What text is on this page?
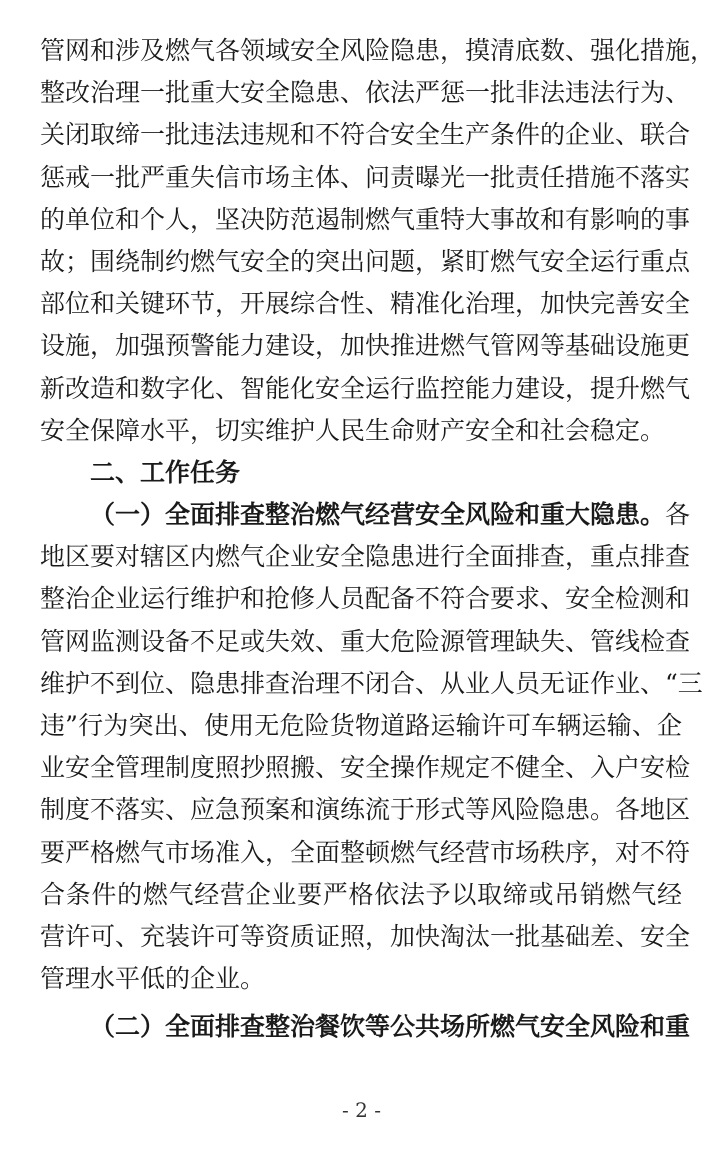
管网和涉及燃气各领域安全风险隐患，摸清底数、强化措施，
整改治理一批重大安全隐患、依法严惩一批非法违法行为、
关闭取缔一批违法违规和不符合安全生产条件的企业、联合
惩戒一批严重失信市场主体、问责曝光一批责任措施不落实
的单位和个人，坚决防范遏制燃气重特大事故和有影响的事
故；围绕制约燃气安全的突出问题，紧盯燃气安全运行重点
部位和关键环节，开展综合性、精准化治理，加快完善安全
设施，加强预警能力建设，加快推进燃气管网等基础设施更
新改造和数字化、智能化安全运行监控能力建设，提升燃气
安全保障水平，切实维护人民生命财产安全和社会稳定。
二、工作任务
（一）全面排查整治燃气经营安全风险和重大隐患。各
地区要对辖区内燃气企业安全隐患进行全面排查，重点排查
整治企业运行维护和抢修人员配备不符合要求、安全检测和
管网监测设备不足或失效、重大危险源管理缺失、管线检查
维护不到位、隐患排查治理不闭合、从业人员无证作业、“三
违”行为突出、使用无危险货物道路运输许可车辆运输、企
业安全管理制度照抄照搬、安全操作规定不健全、入户安检
制度不落实、应急预案和演练流于形式等风险隐患。各地区
要严格燃气市场准入，全面整顿燃气经营市场秩序，对不符
合条件的燃气经营企业要严格依法予以取缔或吊销燃气经
营许可、充装许可等资质证照，加快淘汰一批基础差、安全
管理水平低的企业。
（二）全面排查整治餐饮等公共场所燃气安全风险和重
- 2 -
